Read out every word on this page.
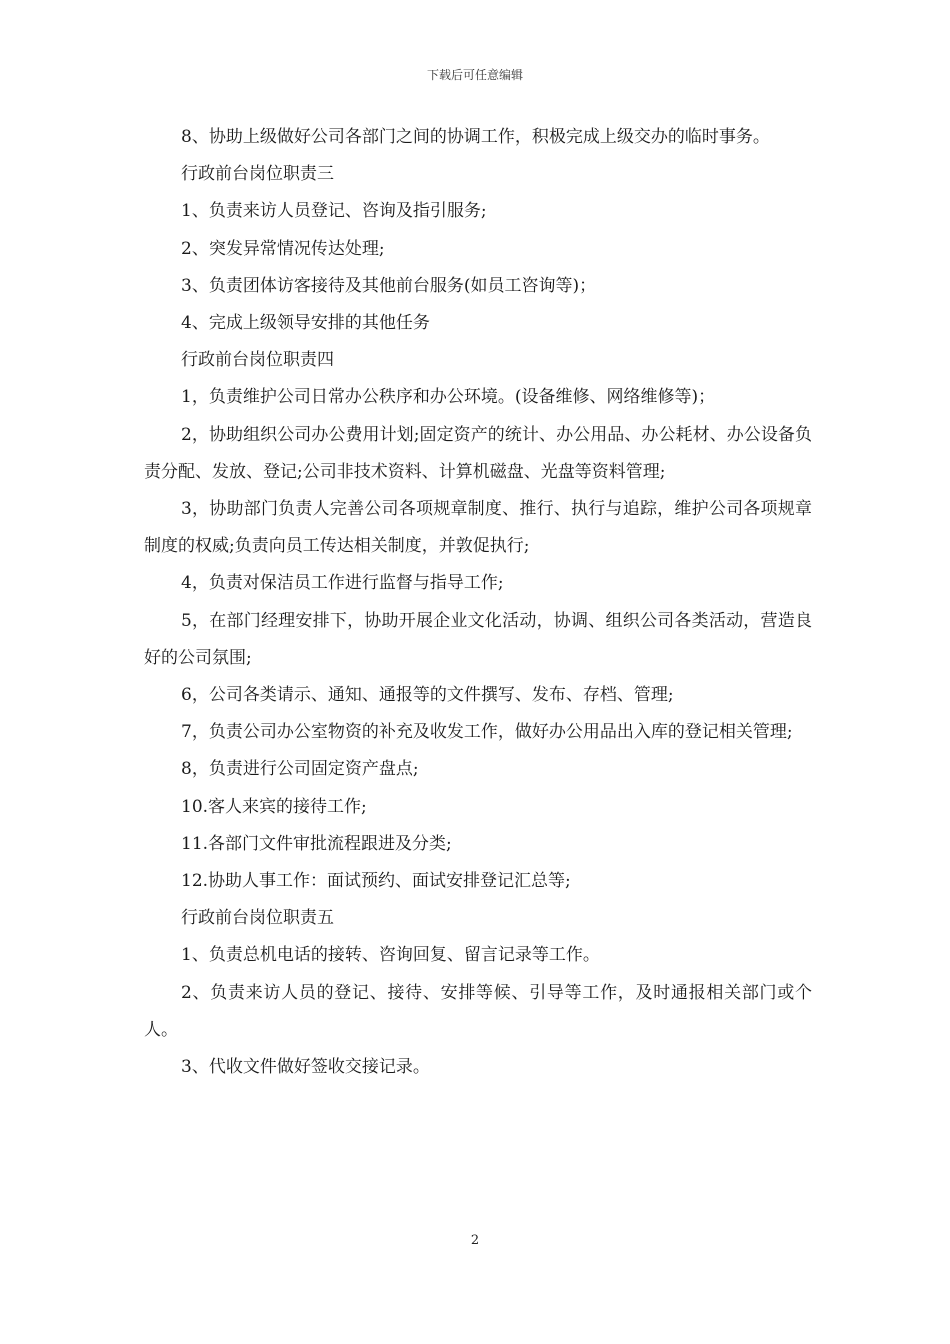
下载后可任意编辑

8、协助上级做好公司各部门之间的协调工作，积极完成上级交办的临时事务。

行政前台岗位职责三

1、负责来访人员登记、咨询及指引服务;

2、突发异常情况传达处理;

3、负责团体访客接待及其他前台服务(如员工咨询等)；

4、完成上级领导安排的其他任务

行政前台岗位职责四

1，负责维护公司日常办公秩序和办公环境。(设备维修、网络维修等)；

2，协助组织公司办公费用计划;固定资产的统计、办公用品、办公耗材、办公设备负责分配、发放、登记;公司非技术资料、计算机磁盘、光盘等资料管理;

3，协助部门负责人完善公司各项规章制度、推行、执行与追踪，维护公司各项规章制度的权威;负责向员工传达相关制度，并敦促执行;

4，负责对保洁员工作进行监督与指导工作;

5，在部门经理安排下，协助开展企业文化活动，协调、组织公司各类活动，营造良好的公司氛围;

6，公司各类请示、通知、通报等的文件撰写、发布、存档、管理;

7，负责公司办公室物资的补充及收发工作，做好办公用品出入库的登记相关管理;

8，负责进行公司固定资产盘点;

10.客人来宾的接待工作;

11.各部门文件审批流程跟进及分类;

12.协助人事工作：面试预约、面试安排登记汇总等;

行政前台岗位职责五

1、负责总机电话的接转、咨询回复、留言记录等工作。

2、负责来访人员的登记、接待、安排等候、引导等工作，及时通报相关部门或个人。

3、代收文件做好签收交接记录。

2
